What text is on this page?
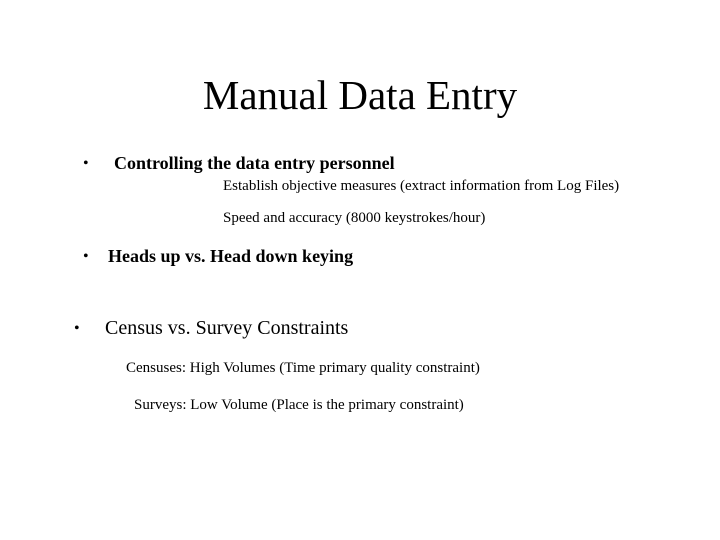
Manual Data Entry
• Controlling the data entry personnel
Establish objective measures (extract information from Log Files)
Speed and accuracy (8000 keystrokes/hour)
• Heads up vs. Head down keying
• Census vs. Survey Constraints
Censuses: High Volumes (Time primary quality constraint)
Surveys: Low Volume (Place is the primary constraint)
